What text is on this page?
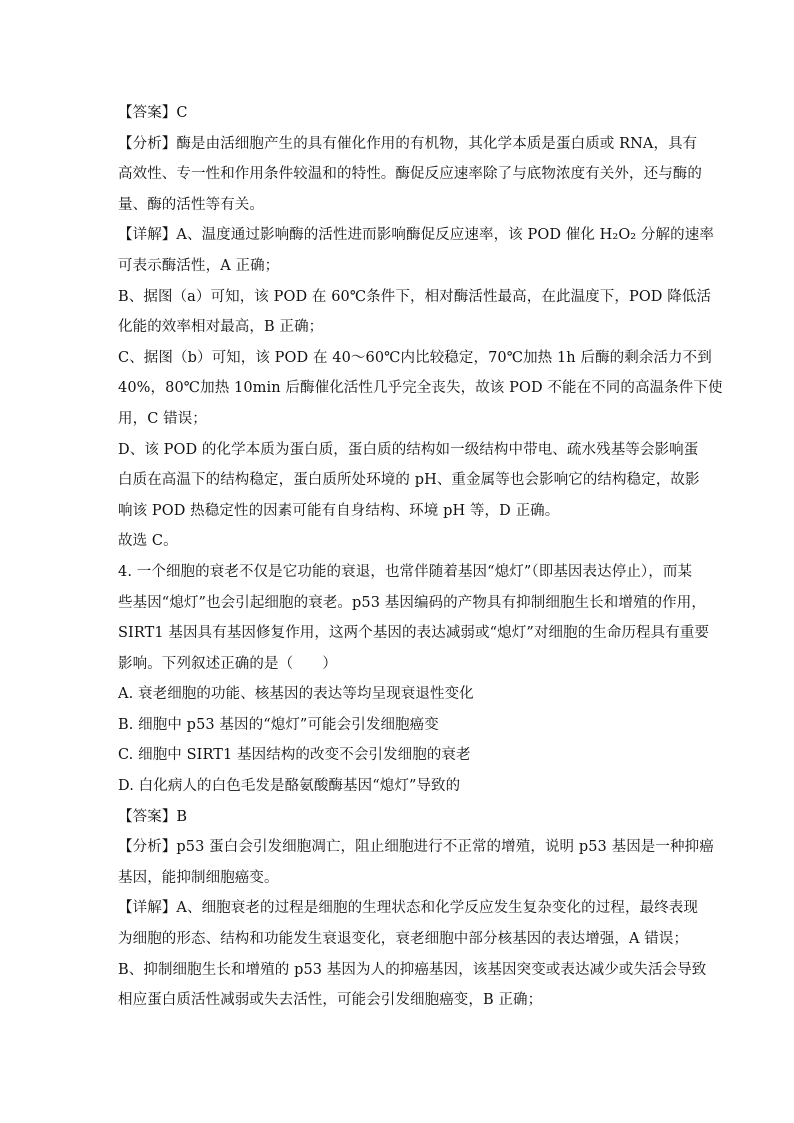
【答案】C
【分析】酶是由活细胞产生的具有催化作用的有机物，其化学本质是蛋白质或 RNA，具有
高效性、专一性和作用条件较温和的特性。酶促反应速率除了与底物浓度有关外，还与酶的
量、酶的活性等有关。
【详解】A、温度通过影响酶的活性进而影响酶促反应速率，该 POD 催化 H₂O₂ 分解的速率
可表示酶活性，A 正确；
B、据图（a）可知，该 POD 在 60℃条件下，相对酶活性最高，在此温度下，POD 降低活
化能的效率相对最高，B 正确；
C、据图（b）可知，该 POD 在 40～60℃内比较稳定，70℃加热 1h 后酶的剩余活力不到
40%，80℃加热 10min 后酶催化活性几乎完全丧失，故该 POD 不能在不同的高温条件下使
用，C 错误；
D、该 POD 的化学本质为蛋白质，蛋白质的结构如一级结构中带电、疏水残基等会影响蛋
白质在高温下的结构稳定，蛋白质所处环境的 pH、重金属等也会影响它的结构稳定，故影
响该 POD 热稳定性的因素可能有自身结构、环境 pH 等，D 正确。
故选 C。
4. 一个细胞的衰老不仅是它功能的衰退，也常伴随着基因“熄灯”（即基因表达停止），而某
些基因“熄灯”也会引起细胞的衰老。p53 基因编码的产物具有抑制细胞生长和增殖的作用，
SIRT1 基因具有基因修复作用，这两个基因的表达减弱或“熄灯”对细胞的生命历程具有重要
影响。下列叙述正确的是（　　）
A. 衰老细胞的功能、核基因的表达等均呈现衰退性变化
B. 细胞中 p53 基因的“熄灯”可能会引发细胞癌变
C. 细胞中 SIRT1 基因结构的改变不会引发细胞的衰老
D. 白化病人的白色毛发是酪氨酸酶基因“熄灯”导致的
【答案】B
【分析】p53 蛋白会引发细胞凋亡，阻止细胞进行不正常的增殖，说明 p53 基因是一种抑癌
基因，能抑制细胞癌变。
【详解】A、细胞衰老的过程是细胞的生理状态和化学反应发生复杂变化的过程，最终表现
为细胞的形态、结构和功能发生衰退变化，衰老细胞中部分核基因的表达增强，A 错误；
B、抑制细胞生长和增殖的 p53 基因为人的抑癌基因，该基因突变或表达减少或失活会导致
相应蛋白质活性减弱或失去活性，可能会引发细胞癌变，B 正确；
